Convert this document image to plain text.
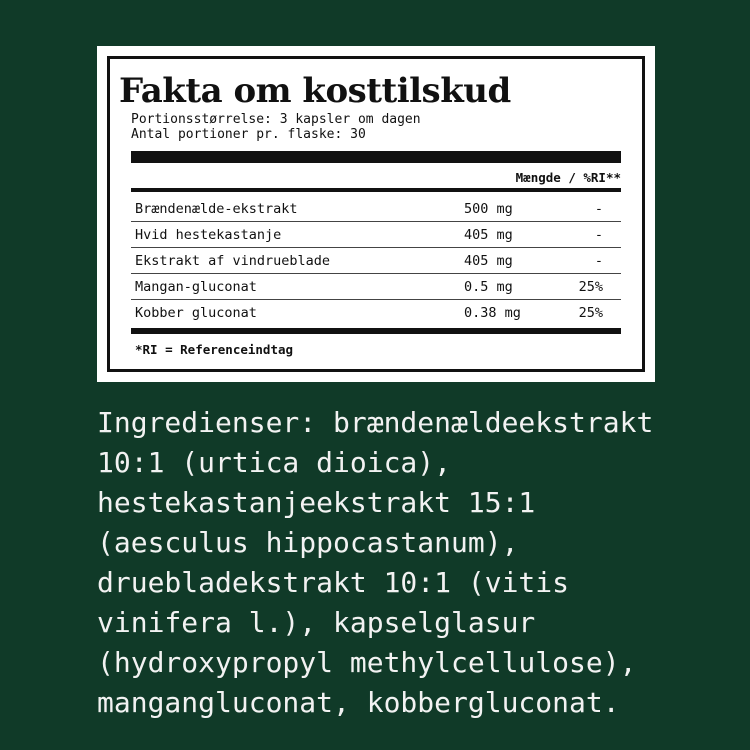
Fakta om kosttilskud
Portionsstørrelse: 3 kapsler om dagen
Antal portioner pr. flaske: 30
Mængde / %RI**
Brændenælde-ekstrakt	500 mg	-
Hvid hestekastanje	405 mg	-
Ekstrakt af vindrueblade	405 mg	-
Mangan-gluconat	0.5 mg	25%
Kobber gluconat	0.38 mg	25%
*RI = Referenceindtag
Ingredienser: brændenældeekstrakt
10:1 (urtica dioica),
hestekastanjeekstrakt 15:1
(aesculus hippocastanum),
druebladekstrakt 10:1 (vitis
vinifera l.), kapselglasur
(hydroxypropyl methylcellulose),
mangangluconat, kobbergluconat.
